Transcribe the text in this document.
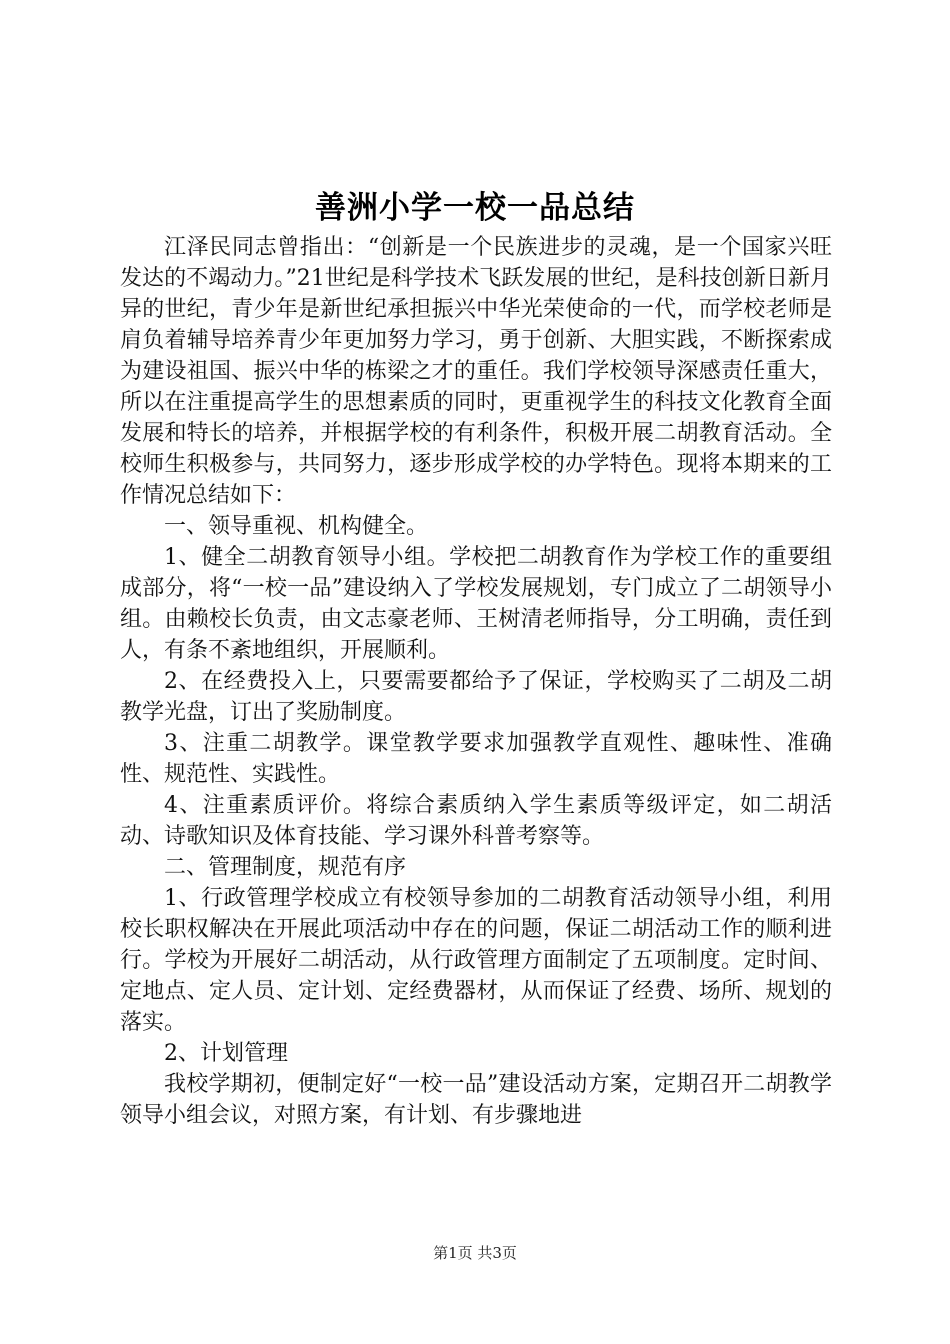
善洲小学一校一品总结

江泽民同志曾指出：“创新是一个民族进步的灵魂，是一个国家兴旺发达的不竭动力。”21世纪是科学技术飞跃发展的世纪，是科技创新日新月异的世纪，青少年是新世纪承担振兴中华光荣使命的一代，而学校老师是肩负着辅导培养青少年更加努力学习，勇于创新、大胆实践，不断探索成为建设祖国、振兴中华的栋梁之才的重任。我们学校领导深感责任重大，所以在注重提高学生的思想素质的同时，更重视学生的科技文化教育全面发展和特长的培养，并根据学校的有利条件，积极开展二胡教育活动。全校师生积极参与，共同努力，逐步形成学校的办学特色。现将本期来的工作情况总结如下：

一、领导重视、机构健全。

1、健全二胡教育领导小组。学校把二胡教育作为学校工作的重要组成部分，将“一校一品”建设纳入了学校发展规划，专门成立了二胡领导小组。由赖校长负责，由文志豪老师、王树清老师指导，分工明确，责任到人，有条不紊地组织，开展顺利。

2、在经费投入上，只要需要都给予了保证，学校购买了二胡及二胡教学光盘，订出了奖励制度。

3、注重二胡教学。课堂教学要求加强教学直观性、趣味性、准确性、规范性、实践性。

4、注重素质评价。将综合素质纳入学生素质等级评定，如二胡活动、诗歌知识及体育技能、学习课外科普考察等。

二、管理制度，规范有序

1、行政管理学校成立有校领导参加的二胡教育活动领导小组，利用校长职权解决在开展此项活动中存在的问题，保证二胡活动工作的顺利进行。学校为开展好二胡活动，从行政管理方面制定了五项制度。定时间、定地点、定人员、定计划、定经费器材，从而保证了经费、场所、规划的落实。

2、计划管理

我校学期初，便制定好“一校一品”建设活动方案，定期召开二胡教学领导小组会议，对照方案，有计划、有步骤地进

第1页 共3页
